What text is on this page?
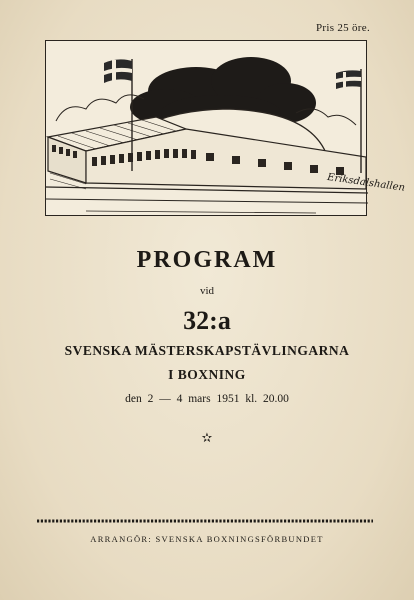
Pris 25 öre.
Eriksdalshallen
PROGRAM
vid
32:a
SVENSKA MÄSTERSKAPSTÄVLINGARNA
I BOXNING
den 2 — 4 mars 1951 kl. 20.00
✫
ARRANGÖR: SVENSKA BOXNINGSFÖRBUNDET
